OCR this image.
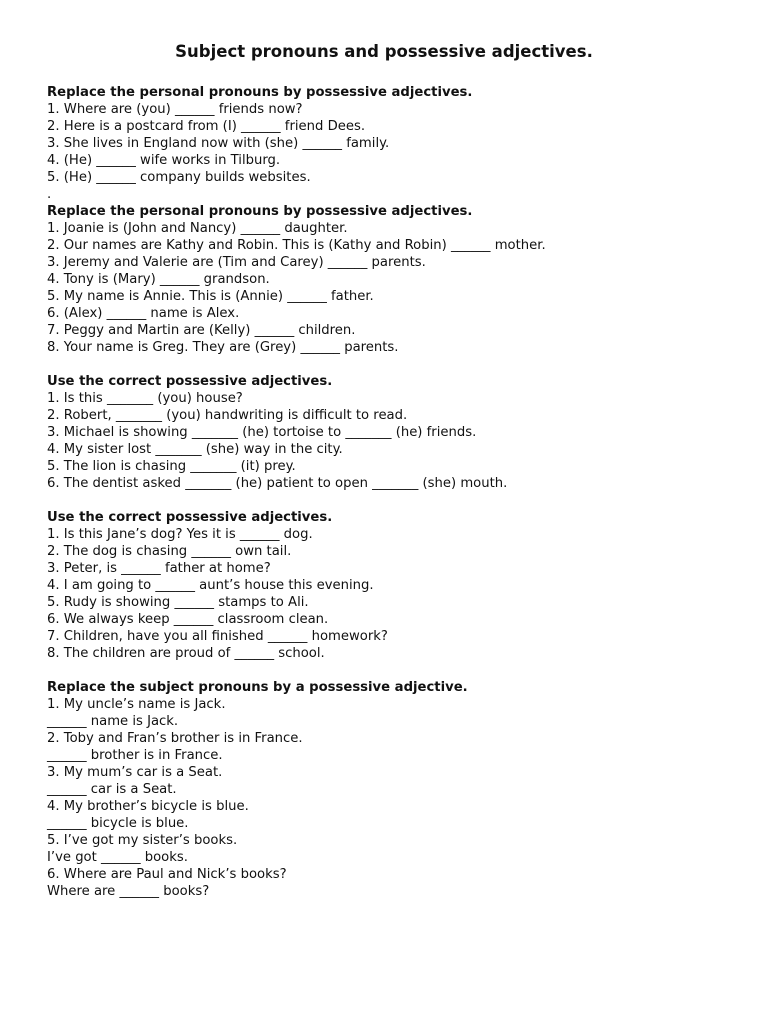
Subject pronouns and possessive adjectives.

Replace the personal pronouns by possessive adjectives.

1. Where are (you) ______ friends now?

2. Here is a postcard from (I) ______ friend Dees.

3. She lives in England now with (she) ______ family.

4. (He) ______ wife works in Tilburg.

5. (He) ______ company builds websites.

.

Replace the personal pronouns by possessive adjectives.

1. Joanie is (John and Nancy) ______ daughter.

2. Our names are Kathy and Robin. This is (Kathy and Robin) ______ mother.

3. Jeremy and Valerie are (Tim and Carey) ______ parents.

4. Tony is (Mary) ______ grandson.

5. My name is Annie. This is (Annie) ______ father.

6. (Alex) ______ name is Alex.

7. Peggy and Martin are (Kelly) ______ children.

8. Your name is Greg. They are (Grey) ______ parents.

Use the correct possessive adjectives.

1. Is this _______ (you) house?

2. Robert, _______ (you) handwriting is difficult to read.

3. Michael is showing _______ (he) tortoise to _______ (he) friends.

4. My sister lost _______ (she) way in the city.

5. The lion is chasing _______ (it) prey.

6. The dentist asked _______ (he) patient to open _______ (she) mouth.

Use the correct possessive adjectives.

1. Is this Jane’s dog? Yes it is ______ dog.

2. The dog is chasing ______ own tail.

3. Peter, is ______ father at home?

4. I am going to ______ aunt’s house this evening.

5. Rudy is showing ______ stamps to Ali.

6. We always keep ______ classroom clean.

7. Children, have you all finished ______ homework?

8. The children are proud of ______ school.

Replace the subject pronouns by a possessive adjective.

1. My uncle’s name is Jack.

______ name is Jack.

2. Toby and Fran’s brother is in France.

______ brother is in France.

3. My mum’s car is a Seat.

______ car is a Seat.

4. My brother’s bicycle is blue.

______ bicycle is blue.

5. I’ve got my sister’s books.

I’ve got ______ books.

6. Where are Paul and Nick’s books?

Where are ______ books?
